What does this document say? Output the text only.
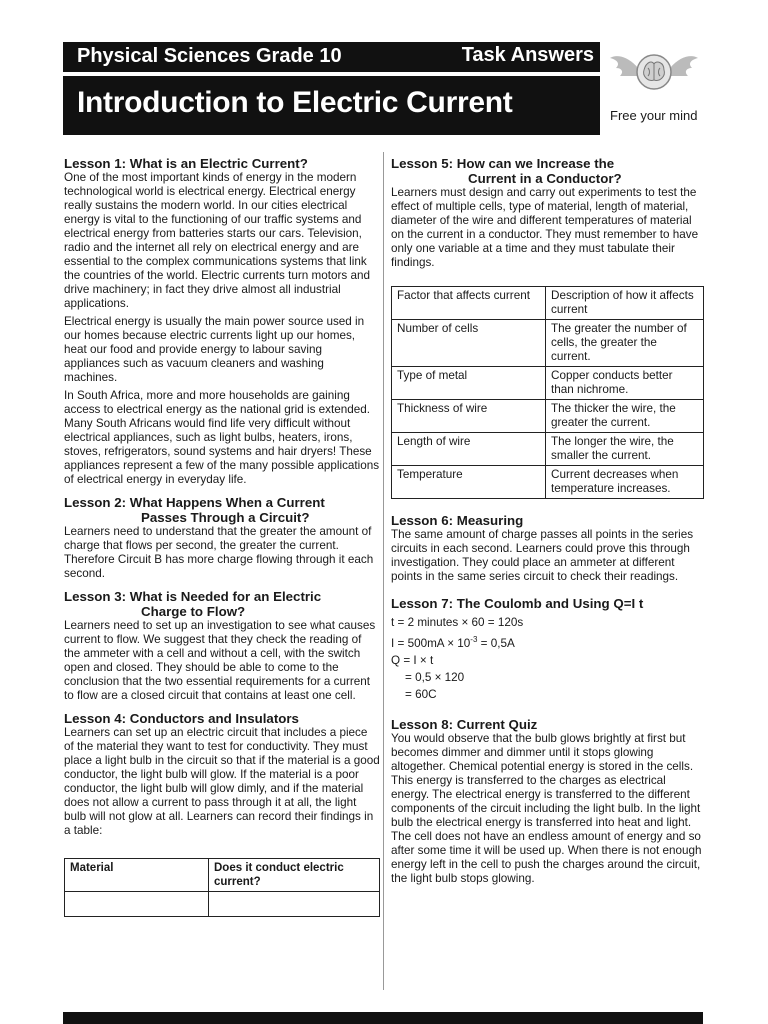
Physical Sciences Grade 10	Task Answers
Introduction to Electric Current	Free your mind
Lesson 1: What is an Electric Current?

One of the most important kinds of energy in the modern technological world is electrical energy. Electrical energy really sustains the modern world. In our cities electrical energy is vital to the functioning of our traffic systems and electrical energy from batteries starts our cars. Television, radio and the internet all rely on electrical energy and are essential to the complex communications systems that link the countries of the world. Electric currents turn motors and drive machinery; in fact they drive almost all industrial applications.

Electrical energy is usually the main power source used in our homes because electric currents light up our homes, heat our food and provide energy to labour saving appliances such as vacuum cleaners and washing machines.

In South Africa, more and more households are gaining access to electrical energy as the national grid is extended. Many South Africans would find life very difficult without electrical appliances, such as light bulbs, heaters, irons, stoves, refrigerators, sound systems and hair dryers! These appliances represent a few of the many possible applications of electrical energy in everyday life.

Lesson 2: What Happens When a Current
Passes Through a Circuit?

Learners need to understand that the greater the amount of charge that flows per second, the greater the current. Therefore Circuit B has more charge flowing through it each second.

Lesson 3: What is Needed for an Electric
Charge to Flow?

Learners need to set up an investigation to see what causes current to flow. We suggest that they check the reading of the ammeter with a cell and without a cell, with the switch open and closed. They should be able to come to the conclusion that the two essential requirements for a current to flow are a closed circuit that contains at least one cell.

Lesson 4: Conductors and Insulators

Learners can set up an electric circuit that includes a piece of the material they want to test for conductivity. They must place a light bulb in the circuit so that if the material is a good conductor, the light bulb will glow. If the material is a poor conductor, the light bulb will glow dimly, and if the material does not allow a current to pass through it at all, the light bulb will not glow at all. Learners can record their findings in a table:

Material	Does it conduct electric current?

Lesson 5: How can we Increase the
Current in a Conductor?

Learners must design and carry out experiments to test the effect of multiple cells, type of material, length of material, diameter of the wire and different temperatures of material on the current in a conductor. They must remember to have only one variable at a time and they must tabulate their findings.

Factor that affects current	Description of how it affects current
Number of cells	The greater the number of cells, the greater the current.
Type of metal	Copper conducts better than nichrome.
Thickness of wire	The thicker the wire, the greater the current.
Length of wire	The longer the wire, the smaller the current.
Temperature	Current decreases when temperature increases.
Lesson 6: Measuring

The same amount of charge passes all points in the series circuits in each second. Learners could prove this through investigation. They could place an ammeter at different points in the same series circuit to check their readings.

Lesson 7: The Coulomb and Using Q=I t
t = 2 minutes × 60 = 120s
$I = 500mA \times 10^{-3} = 0,5A$
Q = I × t
= 0,5 × 120
= 60C
Lesson 8: Current Quiz

You would observe that the bulb glows brightly at first but becomes dimmer and dimmer until it stops glowing altogether. Chemical potential energy is stored in the cells. This energy is transferred to the charges as electrical energy. The electrical energy is transferred to the different components of the circuit including the light bulb. In the light bulb the electrical energy is transferred into heat and light. The cell does not have an endless amount of energy and so after some time it will be used up. When there is not enough energy left in the cell to push the charges around the circuit, the light bulb stops glowing.
